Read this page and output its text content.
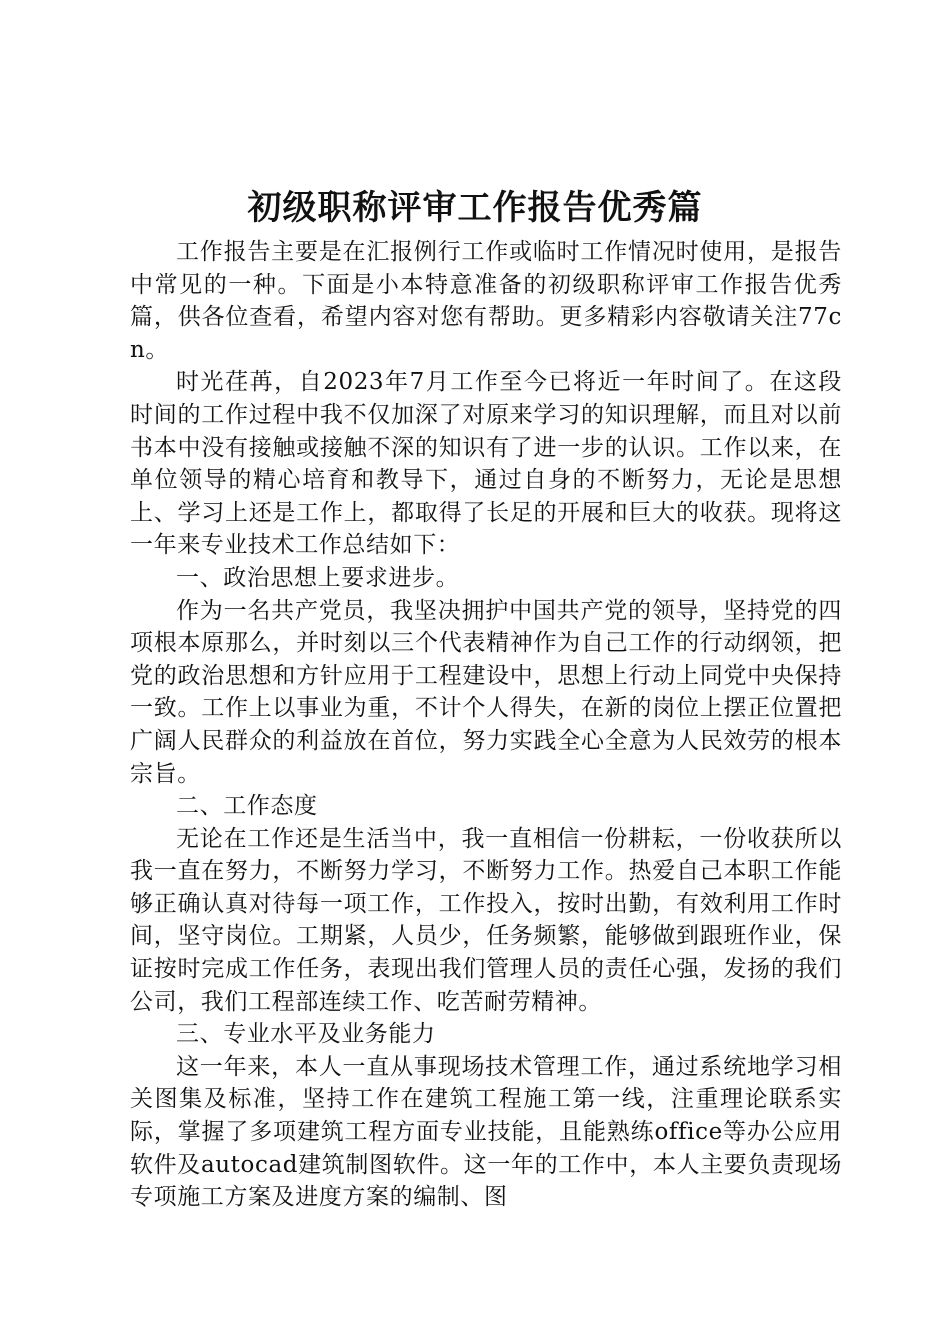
初级职称评审工作报告优秀篇

工作报告主要是在汇报例行工作或临时工作情况时使用，是报告中常见的一种。下面是小本特意准备的初级职称评审工作报告优秀篇，供各位查看，希望内容对您有帮助。更多精彩内容敬请关注77cn。

时光荏苒，自2023年7月工作至今已将近一年时间了。在这段时间的工作过程中我不仅加深了对原来学习的知识理解，而且对以前书本中没有接触或接触不深的知识有了进一步的认识。工作以来，在单位领导的精心培育和教导下，通过自身的不断努力，无论是思想上、学习上还是工作上，都取得了长足的开展和巨大的收获。现将这一年来专业技术工作总结如下：

一、政治思想上要求进步。

作为一名共产党员，我坚决拥护中国共产党的领导，坚持党的四项根本原那么，并时刻以三个代表精神作为自己工作的行动纲领，把党的政治思想和方针应用于工程建设中，思想上行动上同党中央保持一致。工作上以事业为重，不计个人得失，在新的岗位上摆正位置把广阔人民群众的利益放在首位，努力实践全心全意为人民效劳的根本宗旨。

二、工作态度

无论在工作还是生活当中，我一直相信一份耕耘，一份收获所以我一直在努力，不断努力学习，不断努力工作。热爱自己本职工作能够正确认真对待每一项工作，工作投入，按时出勤，有效利用工作时间，坚守岗位。工期紧，人员少，任务频繁，能够做到跟班作业，保证按时完成工作任务，表现出我们管理人员的责任心强，发扬的我们公司，我们工程部连续工作、吃苦耐劳精神。

三、专业水平及业务能力

这一年来，本人一直从事现场技术管理工作，通过系统地学习相关图集及标准，坚持工作在建筑工程施工第一线，注重理论联系实际，掌握了多项建筑工程方面专业技能，且能熟练office等办公应用软件及autocad建筑制图软件。这一年的工作中，本人主要负责现场专项施工方案及进度方案的编制、图
